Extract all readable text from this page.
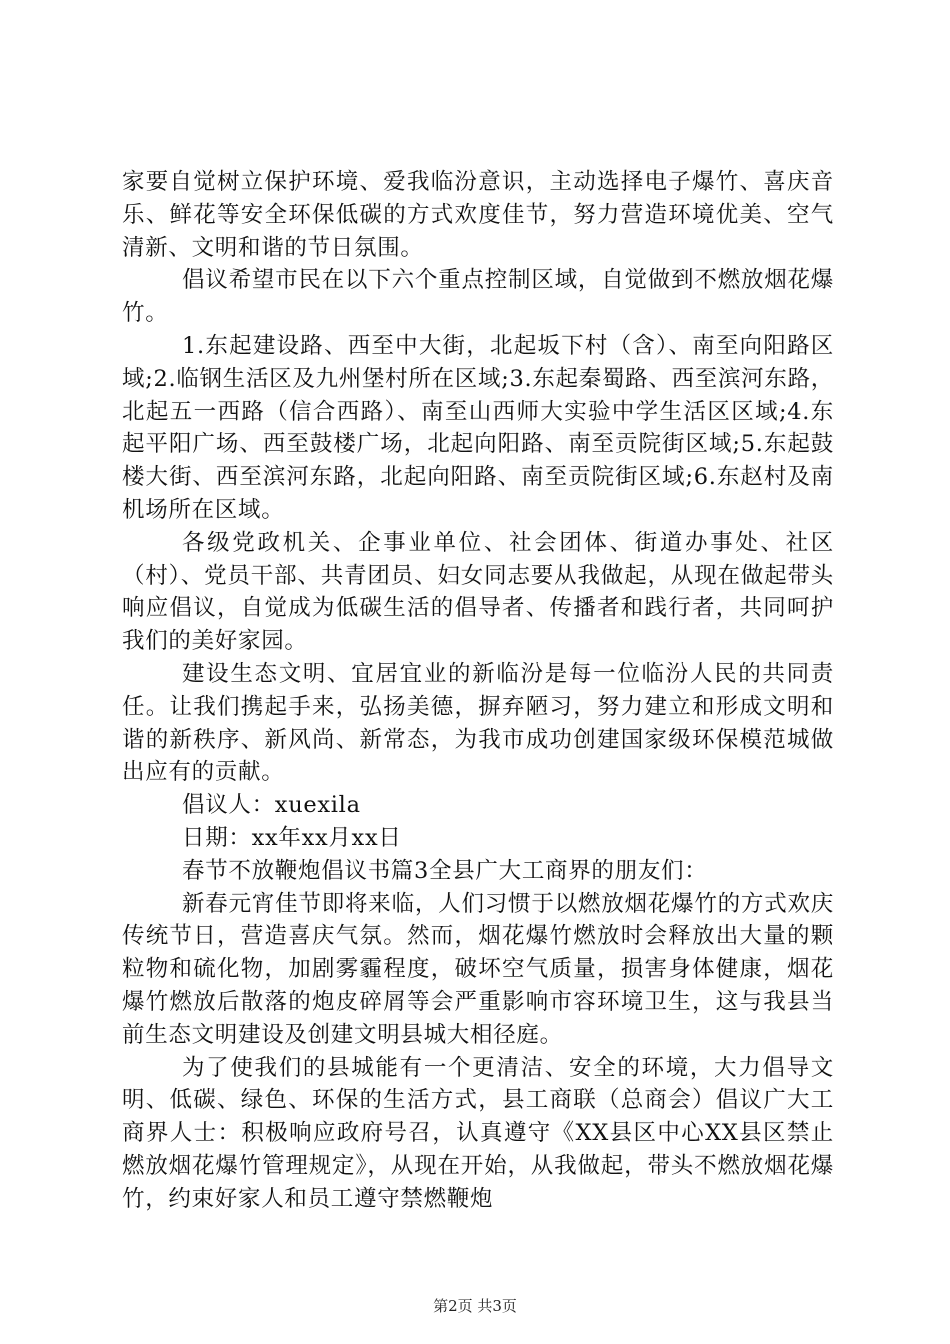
家要自觉树立保护环境、爱我临汾意识，主动选择电子爆竹、喜庆音乐、鲜花等安全环保低碳的方式欢度佳节，努力营造环境优美、空气清新、文明和谐的节日氛围。

倡议希望市民在以下六个重点控制区域，自觉做到不燃放烟花爆竹。

1.东起建设路、西至中大街，北起坂下村（含）、南至向阳路区域;2.临钢生活区及九州堡村所在区域;3.东起秦蜀路、西至滨河东路，北起五一西路（信合西路）、南至山西师大实验中学生活区区域;4.东起平阳广场、西至鼓楼广场，北起向阳路、南至贡院街区域;5.东起鼓楼大街、西至滨河东路，北起向阳路、南至贡院街区域;6.东赵村及南机场所在区域。

各级党政机关、企事业单位、社会团体、街道办事处、社区（村）、党员干部、共青团员、妇女同志要从我做起，从现在做起带头响应倡议，自觉成为低碳生活的倡导者、传播者和践行者，共同呵护我们的美好家园。

建设生态文明、宜居宜业的新临汾是每一位临汾人民的共同责任。让我们携起手来，弘扬美德，摒弃陋习，努力建立和形成文明和谐的新秩序、新风尚、新常态，为我市成功创建国家级环保模范城做出应有的贡献。

倡议人：xuexila

日期：xx年xx月xx日

春节不放鞭炮倡议书篇3全县广大工商界的朋友们：

新春元宵佳节即将来临，人们习惯于以燃放烟花爆竹的方式欢庆传统节日，营造喜庆气氛。然而，烟花爆竹燃放时会释放出大量的颗粒物和硫化物，加剧雾霾程度，破坏空气质量，损害身体健康，烟花爆竹燃放后散落的炮皮碎屑等会严重影响市容环境卫生，这与我县当前生态文明建设及创建文明县城大相径庭。

为了使我们的县城能有一个更清洁、安全的环境，大力倡导文明、低碳、绿色、环保的生活方式，县工商联（总商会）倡议广大工商界人士：积极响应政府号召，认真遵守《XX县区中心XX县区禁止燃放烟花爆竹管理规定》，从现在开始，从我做起，带头不燃放烟花爆竹，约束好家人和员工遵守禁燃鞭炮

第2页 共3页
